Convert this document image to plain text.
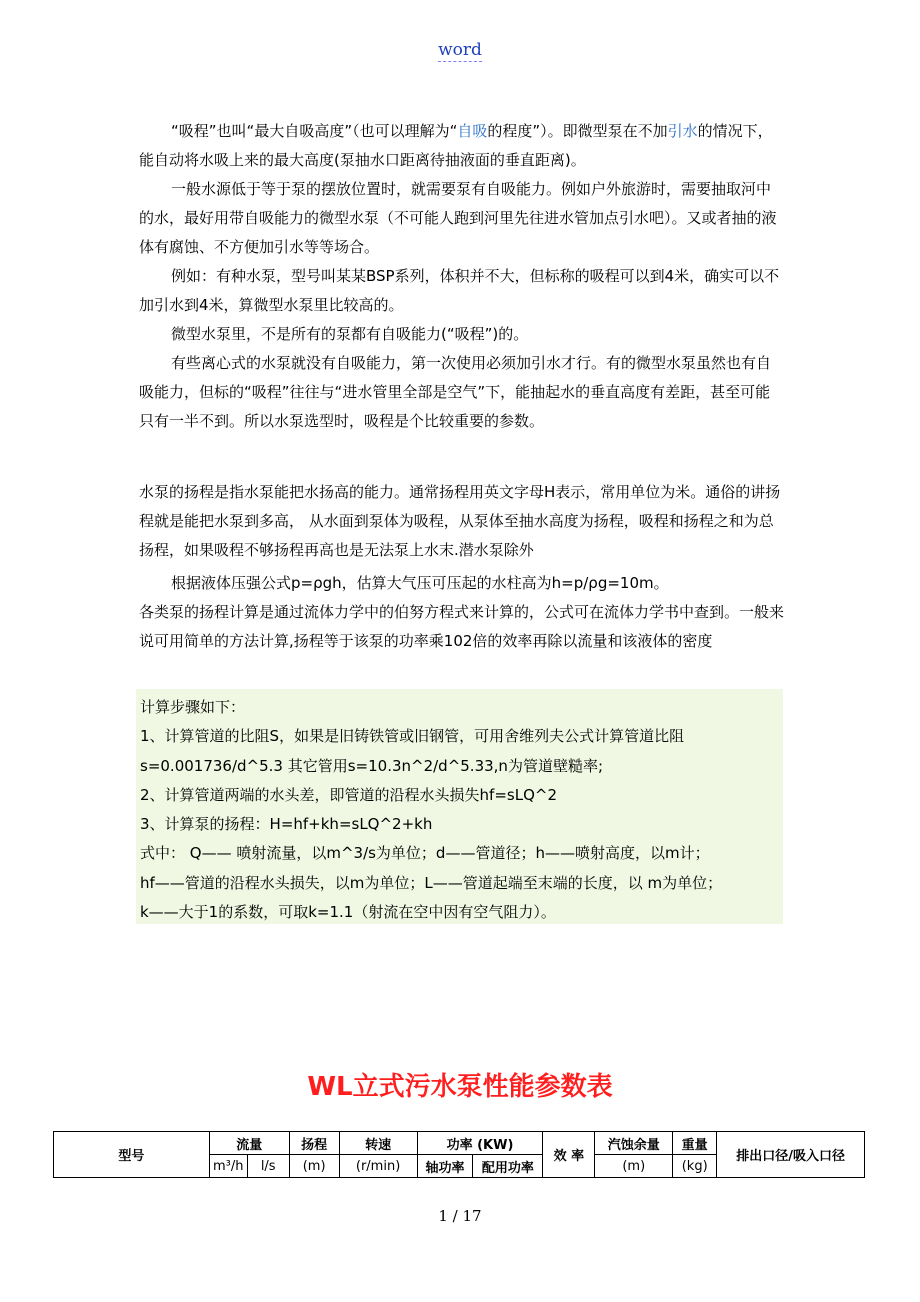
word

“吸程”也叫“最大自吸高度”（也可以理解为“自吸的程度”）。即微型泵在不加引水的情况下，能自动将水吸上来的最大高度(泵抽水口距离待抽液面的垂直距离)。

一般水源低于等于泵的摆放位置时，就需要泵有自吸能力。例如户外旅游时，需要抽取河中的水，最好用带自吸能力的微型水泵（不可能人跑到河里先往进水管加点引水吧）。又或者抽的液体有腐蚀、不方便加引水等等场合。

例如：有种水泵，型号叫某某BSP系列，体积并不大，但标称的吸程可以到4米，确实可以不加引水到4米，算微型水泵里比较高的。

微型水泵里，不是所有的泵都有自吸能力(“吸程”)的。

有些离心式的水泵就没有自吸能力，第一次使用必须加引水才行。有的微型水泵虽然也有自吸能力，但标的“吸程”往往与“进水管里全部是空气”下，能抽起水的垂直高度有差距，甚至可能只有一半不到。所以水泵选型时，吸程是个比较重要的参数。

水泵的扬程是指水泵能把水扬高的能力。通常扬程用英文字母H表示，常用单位为米。通俗的讲扬程就是能把水泵到多高， 从水面到泵体为吸程，从泵体至抽水高度为扬程，吸程和扬程之和为总扬程，如果吸程不够扬程再高也是无法泵上水末.潜水泵除外

根据液体压强公式p=ρgh，估算大气压可压起的水柱高为h=p/ρg=10m。

各类泵的扬程计算是通过流体力学中的伯努方程式来计算的，公式可在流体力学书中查到。一般来说可用简单的方法计算,扬程等于该泵的功率乘102倍的效率再除以流量和该液体的密度

计算步骤如下：

1、计算管道的比阻S，如果是旧铸铁管或旧钢管，可用舍维列夫公式计算管道比阻

s=0.001736/d^5.3 其它管用s=10.3n^2/d^5.33,n为管道壁糙率;

2、计算管道两端的水头差，即管道的沿程水头损失hf=sLQ^2

3、计算泵的扬程：H=hf+kh=sLQ^2+kh

式中： Q—— 喷射流量，以m^3/s为单位；d——管道径；h——喷射高度，以m计；

hf——管道的沿程水头损失，以m为单位；L——管道起端至末端的长度，以 m为单位；

k——大于1的系数，可取k=1.1（射流在空中因有空气阻力）。

WL立式污水泵性能参数表
型号	流量		扬程	转速	功率 (KW)		效 率	汽蚀余量	重量	排出口径/吸入口径
	m³/h	l/s	(m)	(r/min)	轴功率	配用功率		(m)	(kg)	
1 / 17
